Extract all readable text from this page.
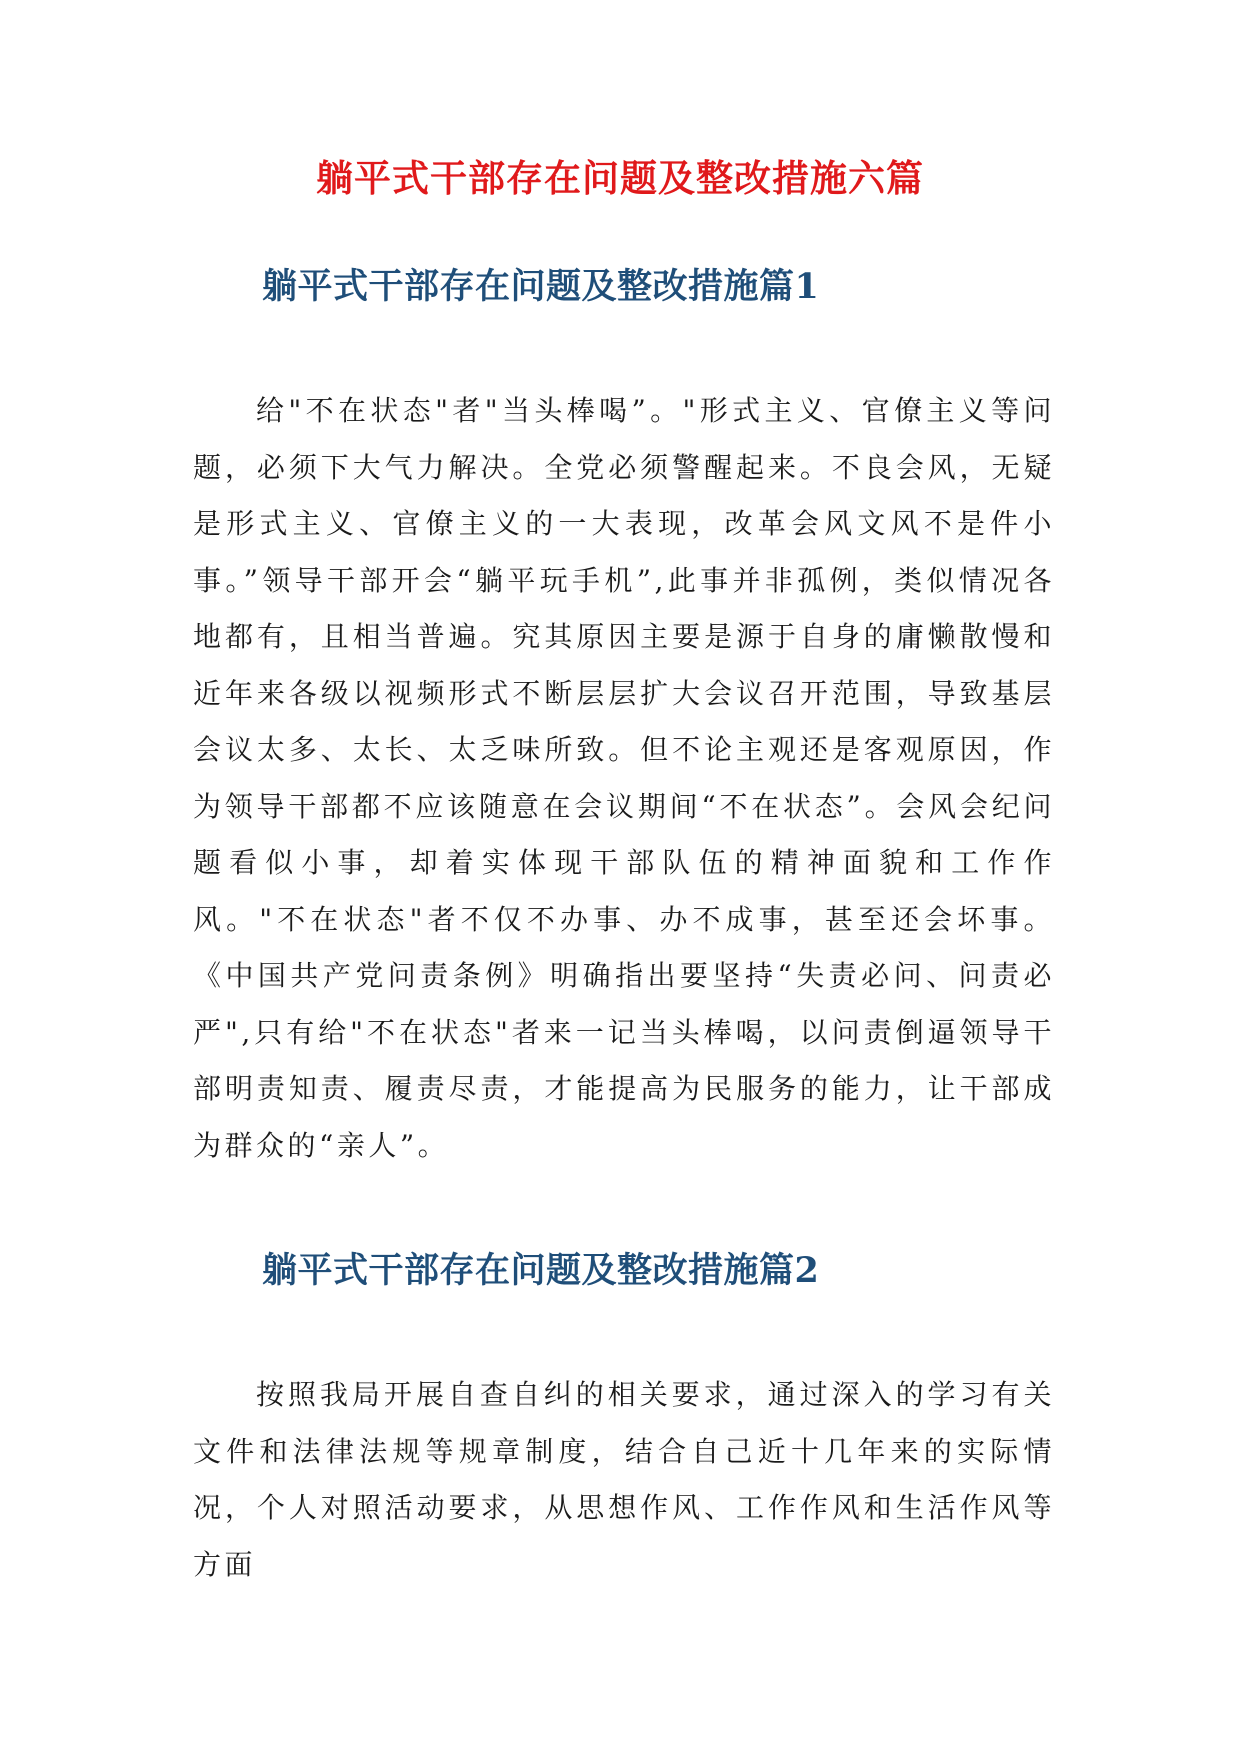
躺平式干部存在问题及整改措施六篇
躺平式干部存在问题及整改措施篇1

给"不在状态"者"当头棒喝”。"形式主义、官僚主义等问题，必须下大气力解决。全党必须警醒起来。不良会风，无疑是形式主义、官僚主义的一大表现，改革会风文风不是件小事。”领导干部开会“躺平玩手机”,此事并非孤例，类似情况各地都有，且相当普遍。究其原因主要是源于自身的庸懒散慢和近年来各级以视频形式不断层层扩大会议召开范围，导致基层会议太多、太长、太乏味所致。但不论主观还是客观原因，作为领导干部都不应该随意在会议期间“不在状态”。会风会纪问题看似小事，却着实体现干部队伍的精神面貌和工作作风。"不在状态"者不仅不办事、办不成事，甚至还会坏事。《中国共产党问责条例》明确指出要坚持“失责必问、问责必严",只有给"不在状态"者来一记当头棒喝，以问责倒逼领导干部明责知责、履责尽责，才能提高为民服务的能力，让干部成为群众的“亲人”。

躺平式干部存在问题及整改措施篇2

按照我局开展自查自纠的相关要求，通过深入的学习有关文件和法律法规等规章制度，结合自己近十几年来的实际情况，个人对照活动要求，从思想作风、工作作风和生活作风等方面
